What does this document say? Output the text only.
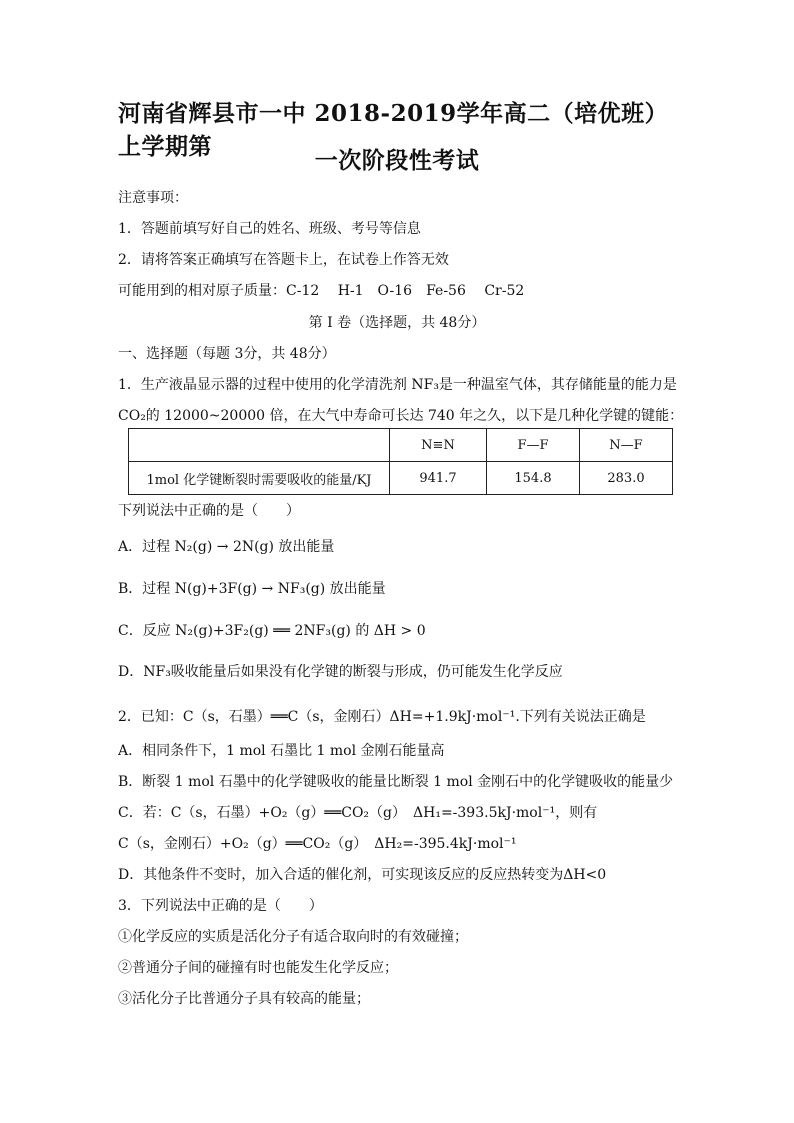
河南省辉县市一中 2018-2019学年高二（培优班）上学期第
一次阶段性考试
注意事项：
1．答题前填写好自己的姓名、班级、考号等信息
2．请将答案正确填写在答题卡上，在试卷上作答无效
可能用到的相对原子质量：C-12　 H-1　O-16　Fe-56　 Cr-52
第 I 卷（选择题，共 48分）
一、选择题（每题 3分，共 48分）
1．生产液晶显示器的过程中使用的化学清洗剂 NF₃是一种温室气体，其存储能量的能力是
CO₂的 12000~20000 倍，在大气中寿命可长达 740 年之久，以下是几种化学键的键能：
	N≡N	F—F	N—F
1mol 化学键断裂时需要吸收的能量/KJ	941.7	154.8	283.0
下列说法中正确的是（　　）
A．过程 N₂(g) → 2N(g) 放出能量
B．过程 N(g)+3F(g) → NF₃(g) 放出能量
C．反应 N₂(g)+3F₂(g) ══ 2NF₃(g) 的 ΔH > 0
D．NF₃吸收能量后如果没有化学键的断裂与形成，仍可能发生化学反应
2．已知：C（s，石墨）══C（s，金刚石）ΔH=+1.9kJ·mol⁻¹.下列有关说法正确是
A．相同条件下，1 mol 石墨比 1 mol 金刚石能量高
B．断裂 1 mol 石墨中的化学键吸收的能量比断裂 1 mol 金刚石中的化学键吸收的能量少
C．若：C（s，石墨）+O₂（g）══CO₂（g）　ΔH₁=-393.5kJ·mol⁻¹，则有
C（s，金刚石）+O₂（g）══CO₂（g）　ΔH₂=-395.4kJ·mol⁻¹
D．其他条件不变时，加入合适的催化剂，可实现该反应的反应热转变为ΔH<0
3．下列说法中正确的是（　　）
①化学反应的实质是活化分子有适合取向时的有效碰撞；
②普通分子间的碰撞有时也能发生化学反应；
③活化分子比普通分子具有较高的能量；
